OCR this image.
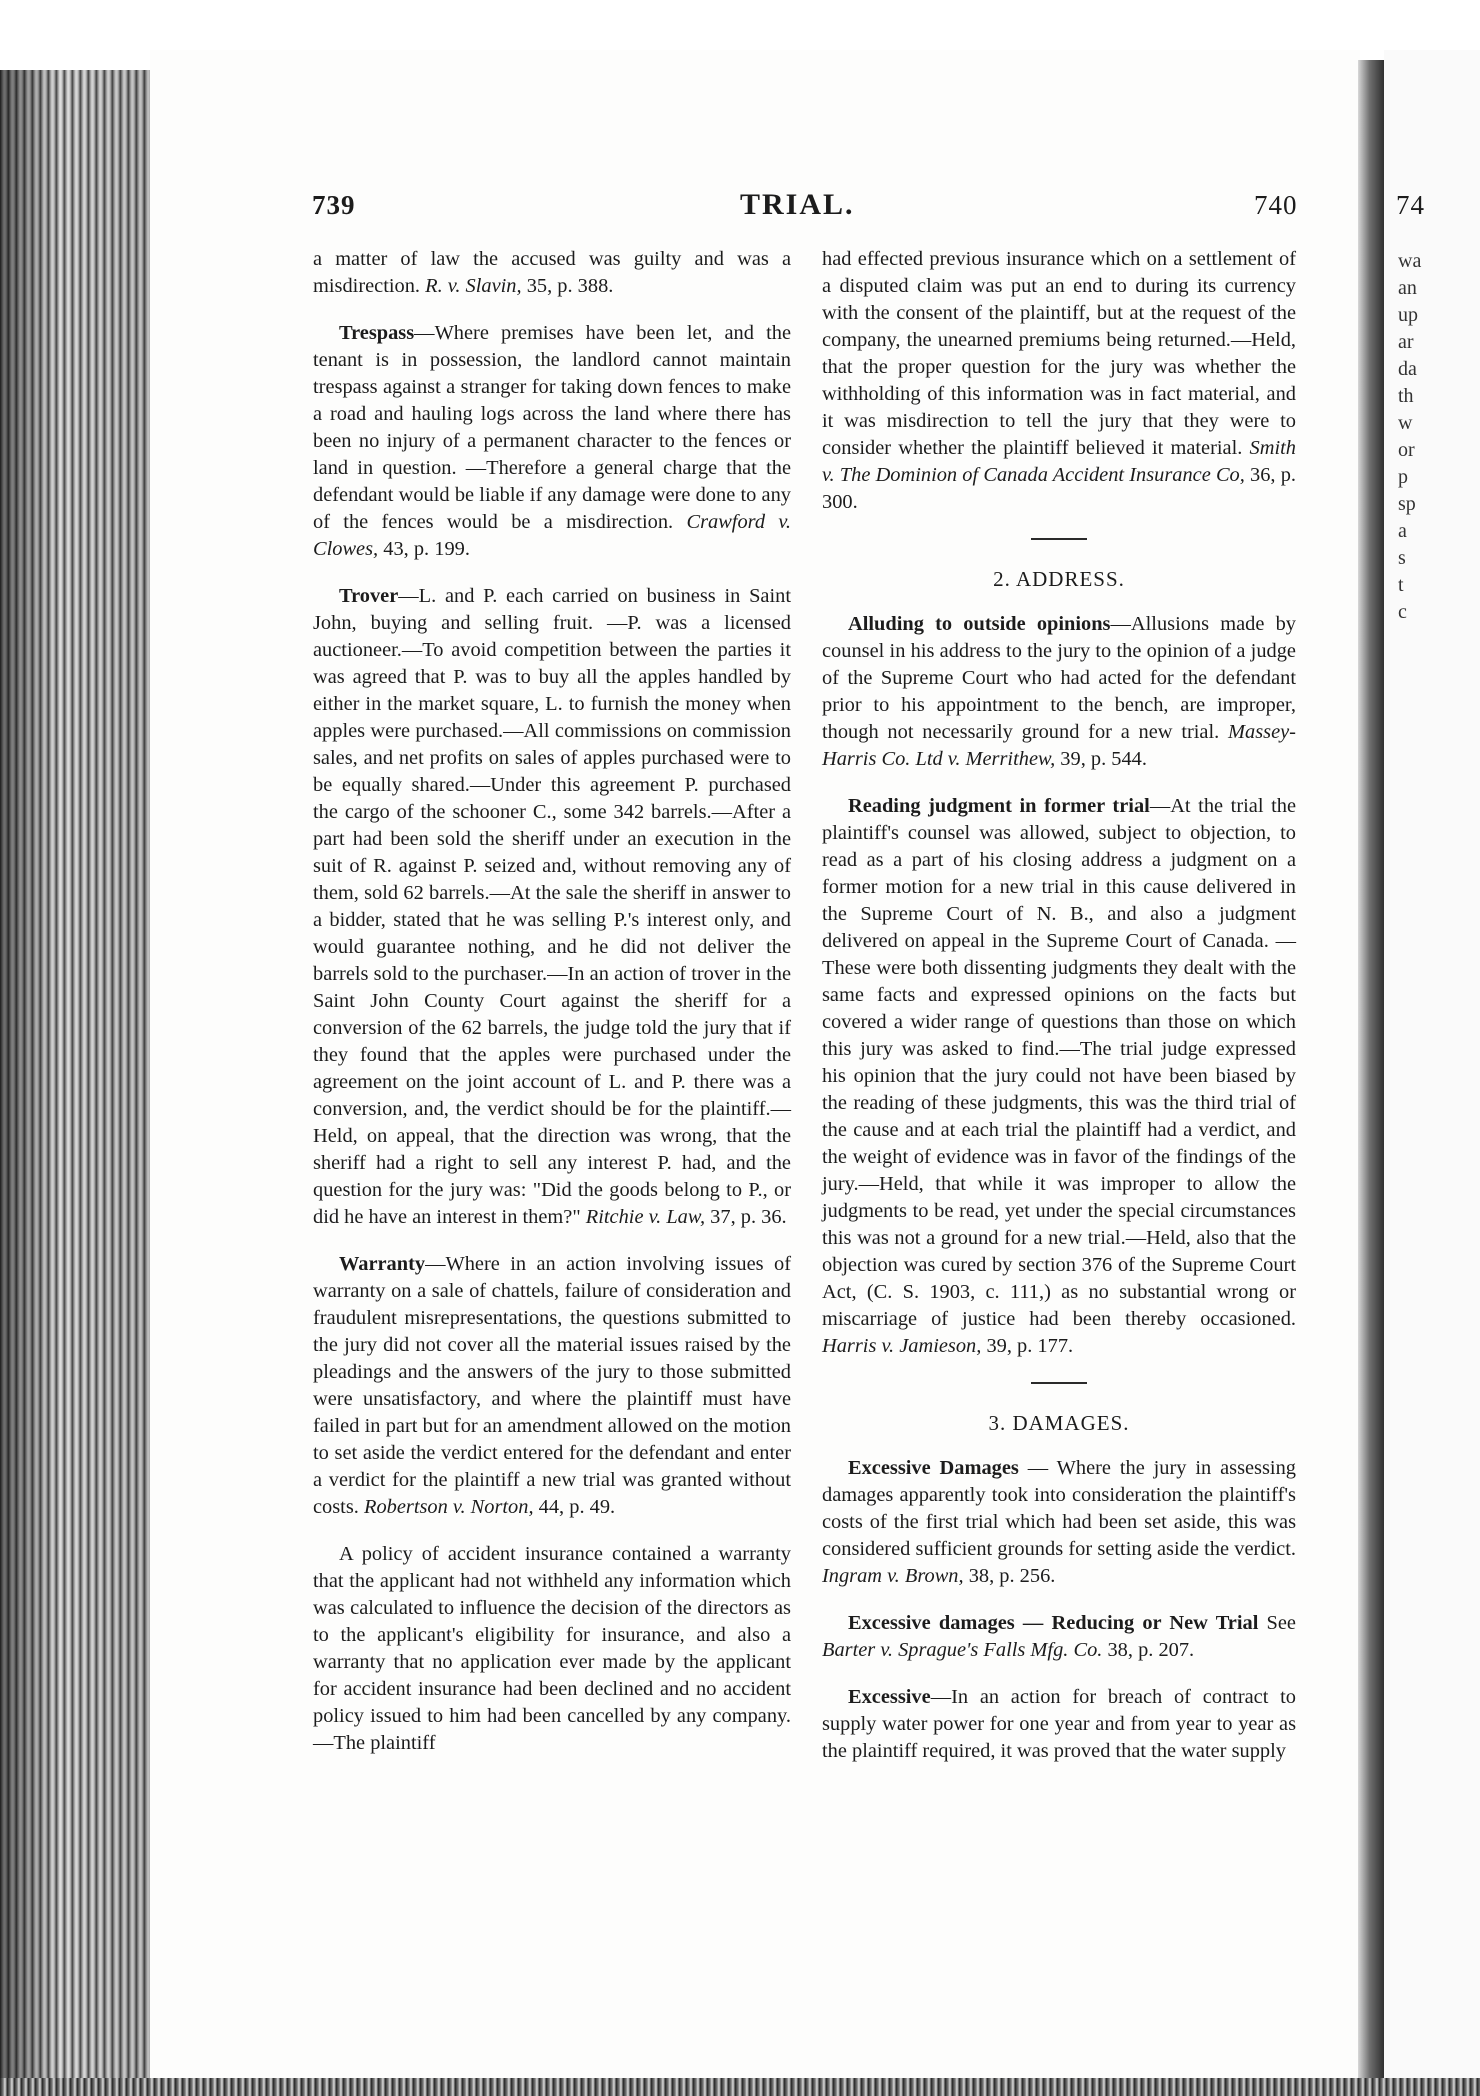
739	TRIAL.	740	74
wa
an
up
ar
da
th
w
or
p
sp
a
s
t
c

a matter of law the accused was guilty and was a misdirection. R. v. Slavin, 35, p. 388.

Trespass—Where premises have been let, and the tenant is in possession, the landlord cannot maintain trespass against a stranger for taking down fences to make a road and hauling logs across the land where there has been no injury of a permanent character to the fences or land in question. —Therefore a general charge that the defendant would be liable if any damage were done to any of the fences would be a misdirection. Crawford v. Clowes, 43, p. 199.

Trover—L. and P. each carried on business in Saint John, buying and selling fruit. —P. was a licensed auctioneer.—To avoid competition between the parties it was agreed that P. was to buy all the apples handled by either in the market square, L. to furnish the money when apples were purchased.—All commissions on commission sales, and net profits on sales of apples purchased were to be equally shared.—Under this agreement P. purchased the cargo of the schooner C., some 342 barrels.—After a part had been sold the sheriff under an execution in the suit of R. against P. seized and, without removing any of them, sold 62 barrels.—At the sale the sheriff in answer to a bidder, stated that he was selling P.'s interest only, and would guarantee nothing, and he did not deliver the barrels sold to the purchaser.—In an action of trover in the Saint John County Court against the sheriff for a conversion of the 62 barrels, the judge told the jury that if they found that the apples were purchased under the agreement on the joint account of L. and P. there was a conversion, and, the verdict should be for the plaintiff.—Held, on appeal, that the direction was wrong, that the sheriff had a right to sell any interest P. had, and the question for the jury was: "Did the goods belong to P., or did he have an interest in them?" Ritchie v. Law, 37, p. 36.

Warranty—Where in an action involving issues of warranty on a sale of chattels, failure of consideration and fraudulent misrepresentations, the questions submitted to the jury did not cover all the material issues raised by the pleadings and the answers of the jury to those submitted were unsatisfactory, and where the plaintiff must have failed in part but for an amendment allowed on the motion to set aside the verdict entered for the defendant and enter a verdict for the plaintiff a new trial was granted without costs. Robertson v. Norton, 44, p. 49.

A policy of accident insurance contained a warranty that the applicant had not withheld any information which was calculated to influence the decision of the directors as to the applicant's eligibility for insurance, and also a warranty that no application ever made by the applicant for accident insurance had been declined and no accident policy issued to him had been cancelled by any company.—The plaintiff

had effected previous insurance which on a settlement of a disputed claim was put an end to during its currency with the consent of the plaintiff, but at the request of the company, the unearned premiums being returned.—Held, that the proper question for the jury was whether the withholding of this information was in fact material, and it was misdirection to tell the jury that they were to consider whether the plaintiff believed it material. Smith v. The Dominion of Canada Accident Insurance Co, 36, p. 300.

2. ADDRESS.

Alluding to outside opinions—Allusions made by counsel in his address to the jury to the opinion of a judge of the Supreme Court who had acted for the defendant prior to his appointment to the bench, are improper, though not necessarily ground for a new trial. Massey-Harris Co. Ltd v. Merrithew, 39, p. 544.

Reading judgment in former trial—At the trial the plaintiff's counsel was allowed, subject to objection, to read as a part of his closing address a judgment on a former motion for a new trial in this cause delivered in the Supreme Court of N. B., and also a judgment delivered on appeal in the Supreme Court of Canada. —These were both dissenting judgments they dealt with the same facts and expressed opinions on the facts but covered a wider range of questions than those on which this jury was asked to find.—The trial judge expressed his opinion that the jury could not have been biased by the reading of these judgments, this was the third trial of the cause and at each trial the plaintiff had a verdict, and the weight of evidence was in favor of the findings of the jury.—Held, that while it was improper to allow the judgments to be read, yet under the special circumstances this was not a ground for a new trial.—Held, also that the objection was cured by section 376 of the Supreme Court Act, (C. S. 1903, c. 111,) as no substantial wrong or miscarriage of justice had been thereby occasioned. Harris v. Jamieson, 39, p. 177.

3. DAMAGES.

Excessive Damages — Where the jury in assessing damages apparently took into consideration the plaintiff's costs of the first trial which had been set aside, this was considered sufficient grounds for setting aside the verdict. Ingram v. Brown, 38, p. 256.

Excessive damages — Reducing or New Trial See Barter v. Sprague's Falls Mfg. Co. 38, p. 207.

Excessive—In an action for breach of contract to supply water power for one year and from year to year as the plaintiff required, it was proved that the water supply
